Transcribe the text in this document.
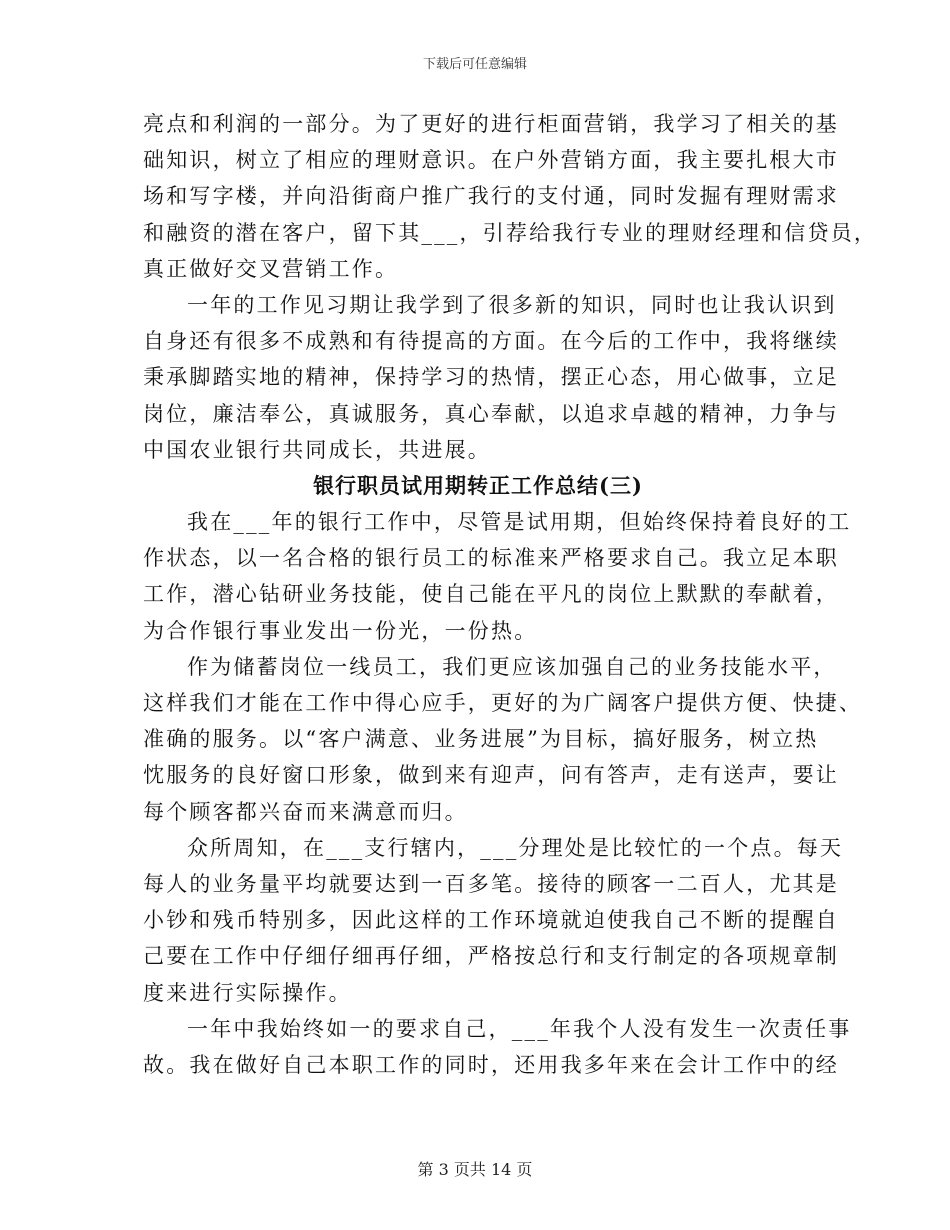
下载后可任意编辑
亮点和利润的一部分。为了更好的进行柜面营销，我学习了相关的基
础知识，树立了相应的理财意识。在户外营销方面，我主要扎根大市
场和写字楼，并向沿街商户推广我行的支付通，同时发掘有理财需求
和融资的潜在客户，留下其___，引荐给我行专业的理财经理和信贷员，
真正做好交叉营销工作。
一年的工作见习期让我学到了很多新的知识，同时也让我认识到
自身还有很多不成熟和有待提高的方面。在今后的工作中，我将继续
秉承脚踏实地的精神，保持学习的热情，摆正心态，用心做事，立足
岗位，廉洁奉公，真诚服务，真心奉献，以追求卓越的精神，力争与
中国农业银行共同成长，共进展。
银行职员试用期转正工作总结(三)
我在___年的银行工作中，尽管是试用期，但始终保持着良好的工
作状态，以一名合格的银行员工的标准来严格要求自己。我立足本职
工作，潜心钻研业务技能，使自己能在平凡的岗位上默默的奉献着，
为合作银行事业发出一份光，一份热。
作为储蓄岗位一线员工，我们更应该加强自己的业务技能水平，
这样我们才能在工作中得心应手，更好的为广阔客户提供方便、快捷、
准确的服务。以“客户满意、业务进展”为目标，搞好服务，树立热
忱服务的良好窗口形象，做到来有迎声，问有答声，走有送声，要让
每个顾客都兴奋而来满意而归。
众所周知，在___支行辖内，___分理处是比较忙的一个点。每天
每人的业务量平均就要达到一百多笔。接待的顾客一二百人，尤其是
小钞和残币特别多，因此这样的工作环境就迫使我自己不断的提醒自
己要在工作中仔细仔细再仔细，严格按总行和支行制定的各项规章制
度来进行实际操作。
一年中我始终如一的要求自己，___年我个人没有发生一次责任事
故。我在做好自己本职工作的同时，还用我多年来在会计工作中的经
第 3 页共 14 页
